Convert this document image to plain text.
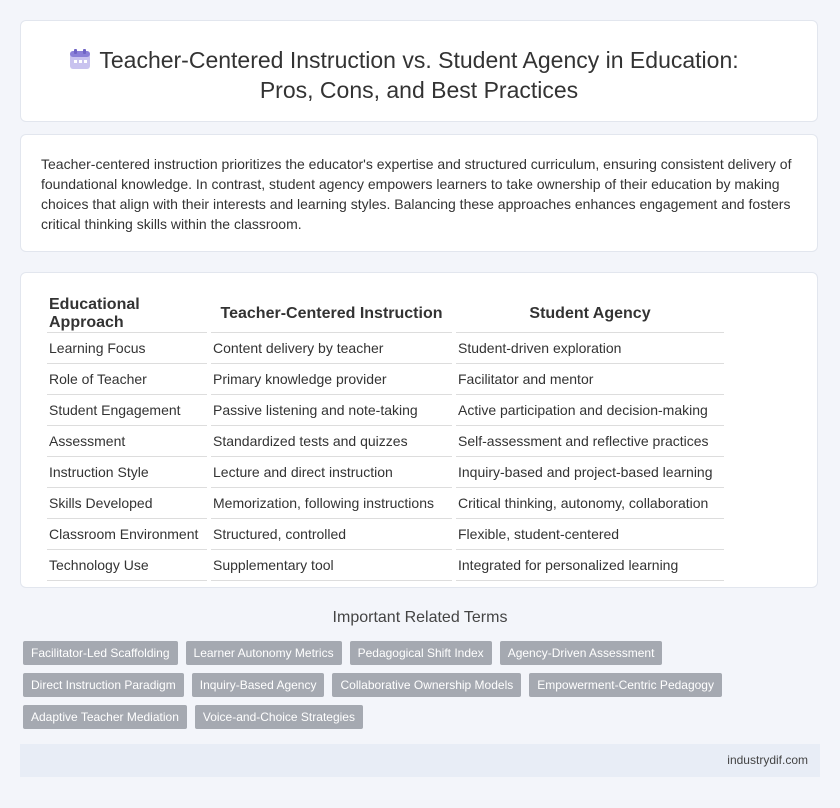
Teacher-Centered Instruction vs. Student Agency in Education:
Pros, Cons, and Best Practices

Teacher-centered instruction prioritizes the educator's expertise and structured curriculum, ensuring consistent delivery of foundational knowledge. In contrast, student agency empowers learners to take ownership of their education by making choices that align with their interests and learning styles. Balancing these approaches enhances engagement and fosters critical thinking skills within the classroom.

Educational Approach	Teacher-Centered Instruction	Student Agency
Learning Focus	Content delivery by teacher	Student-driven exploration
Role of Teacher	Primary knowledge provider	Facilitator and mentor
Student Engagement	Passive listening and note-taking	Active participation and decision-making
Assessment	Standardized tests and quizzes	Self-assessment and reflective practices
Instruction Style	Lecture and direct instruction	Inquiry-based and project-based learning
Skills Developed	Memorization, following instructions	Critical thinking, autonomy, collaboration
Classroom Environment	Structured, controlled	Flexible, student-centered
Technology Use	Supplementary tool	Integrated for personalized learning
Important Related Terms
Facilitator-Led Scaffolding	Learner Autonomy Metrics	Pedagogical Shift Index	Agency-Driven Assessment
Direct Instruction Paradigm	Inquiry-Based Agency	Collaborative Ownership Models	Empowerment-Centric Pedagogy
Adaptive Teacher Mediation	Voice-and-Choice Strategies
industrydif.com
